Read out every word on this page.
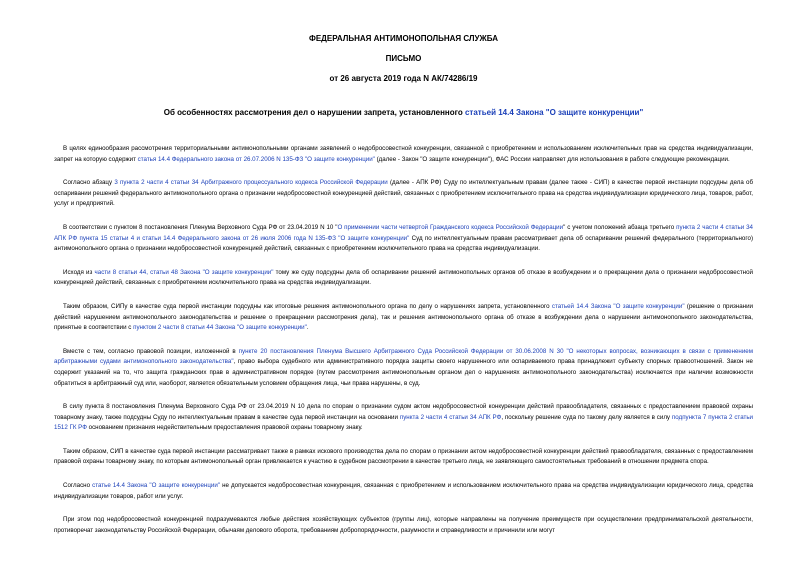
ФЕДЕРАЛЬНАЯ АНТИМОНОПОЛЬНАЯ СЛУЖБА
ПИСЬМО
от 26 августа 2019 года N АК/74286/19
Об особенностях рассмотрения дел о нарушении запрета, установленного статьей 14.4 Закона "О защите конкуренции"

В целях единообразия рассмотрения территориальными антимонопольными органами заявлений о недобросовестной конкуренции, связанной с приобретением и использованием исключительных прав на средства индивидуализации, запрет на которую содержит статья 14.4 Федерального закона от 26.07.2006 N 135-ФЗ "О защите конкуренции" (далее - Закон "О защите конкуренции"), ФАС России направляет для использования в работе следующие рекомендации.

Согласно абзацу 3 пункта 2 части 4 статьи 34 Арбитражного процессуального кодекса Российской Федерации (далее - АПК РФ) Суду по интеллектуальным правам (далее также - СИП) в качестве первой инстанции подсудны дела об оспаривании решений федерального антимонопольного органа о признании недобросовестной конкуренцией действий, связанных с приобретением исключительного права на средства индивидуализации юридического лица, товаров, работ, услуг и предприятий.

В соответствии с пунктом 8 постановления Пленума Верховного Суда РФ от 23.04.2019 N 10 "О применении части четвертой Гражданского кодекса Российской Федерации" с учетом положений абзаца третьего пункта 2 части 4 статьи 34 АПК РФ пункта 15 статьи 4 и статьи 14.4 Федерального закона от 26 июля 2006 года N 135-ФЗ "О защите конкуренции" Суд по интеллектуальным правам рассматривает дела об оспаривании решений федерального (территориального) антимонопольного органа о признании недобросовестной конкуренцией действий, связанных с приобретением исключительного права на средства индивидуализации.

Исходя из части 8 статьи 44, статьи 48 Закона "О защите конкуренции" тому же суду подсудны дела об оспаривании решений антимонопольных органов об отказе в возбуждении и о прекращении дела о признании недобросовестной конкуренцией действий, связанных с приобретением исключительного права на средства индивидуализации.

Таким образом, СИПу в качестве суда первой инстанции подсудны как итоговые решения антимонопольного органа по делу о нарушениях запрета, установленного статьей 14.4 Закона "О защите конкуренции" (решение о признании действий нарушением антимонопольного законодательства и решение о прекращении рассмотрения дела), так и решения антимонопольного органа об отказе в возбуждении дела о нарушении антимонопольного законодательства, принятые в соответствии с пунктом 2 части 8 статьи 44 Закона "О защите конкуренции".

Вместе с тем, согласно правовой позиции, изложенной в пункте 20 постановления Пленума Высшего Арбитражного Суда Российской Федерации от 30.06.2008 N 30 "О некоторых вопросах, возникающих в связи с применением арбитражными судами антимонопольного законодательства", право выбора судебного или административного порядка защиты своего нарушенного или оспариваемого права принадлежит субъекту спорных правоотношений. Закон не содержит указаний на то, что защита гражданских прав в административном порядке (путем рассмотрения антимонопольным органом дел о нарушениях антимонопольного законодательства) исключается при наличии возможности обратиться в арбитражный суд или, наоборот, является обязательным условием обращения лица, чьи права нарушены, в суд.

В силу пункта 8 постановления Пленума Верховного Суда РФ от 23.04.2019 N 10 дела по спорам о признании судом актом недобросовестной конкуренции действий правообладателя, связанных с предоставлением правовой охраны товарному знаку, также подсудны Суду по интеллектуальным правам в качестве суда первой инстанции на основании пункта 2 части 4 статьи 34 АПК РФ, поскольку решение суда по такому делу является в силу подпункта 7 пункта 2 статьи 1512 ГК РФ основанием признания недействительным предоставления правовой охраны товарному знаку.

Таким образом, СИП в качестве суда первой инстанции рассматривает также в рамках искового производства дела по спорам о признании актом недобросовестной конкуренции действий правообладателя, связанных с предоставлением правовой охраны товарному знаку, по которым антимонопольный орган привлекается к участию в судебном рассмотрении в качестве третьего лица, не заявляющего самостоятельных требований в отношении предмета спора.

Согласно статье 14.4 Закона "О защите конкуренции" не допускается недобросовестная конкуренция, связанная с приобретением и использованием исключительного права на средства индивидуализации юридического лица, средства индивидуализации товаров, работ или услуг.

При этом под недобросовестной конкуренцией подразумеваются любые действия хозяйствующих субъектов (группы лиц), которые направлены на получение преимуществ при осуществлении предпринимательской деятельности, противоречат законодательству Российской Федерации, обычаям делового оборота, требованиям добропорядочности, разумности и справедливости и причинили или могут
